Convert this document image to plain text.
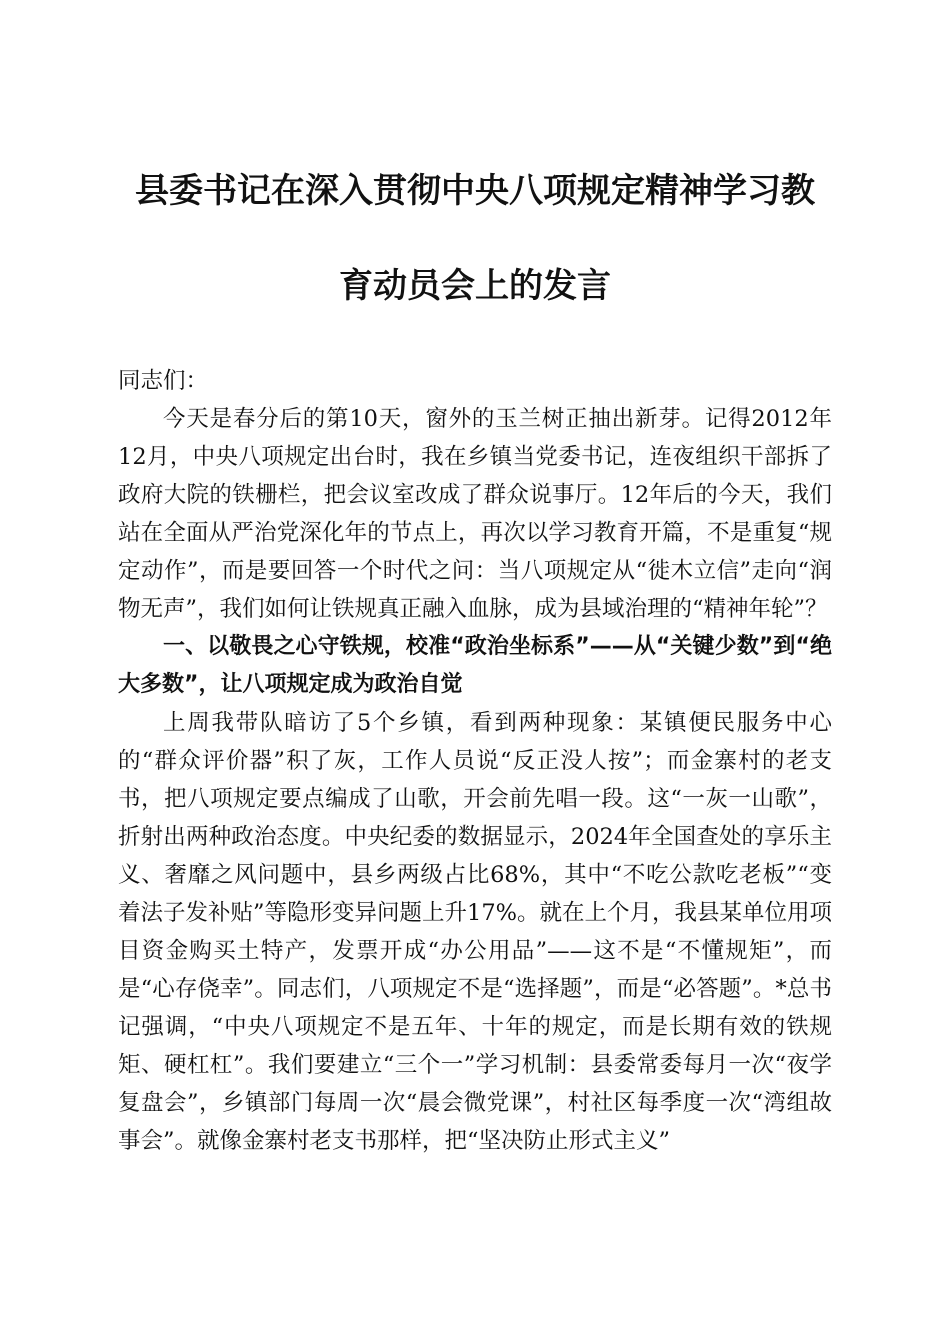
县委书记在深入贯彻中央八项规定精神学习教
育动员会上的发言

同志们：

今天是春分后的第10天，窗外的玉兰树正抽出新芽。记得2012年12月，中央八项规定出台时，我在乡镇当党委书记，连夜组织干部拆了政府大院的铁栅栏，把会议室改成了群众说事厅。12年后的今天，我们站在全面从严治党深化年的节点上，再次以学习教育开篇，不是重复“规定动作”，而是要回答一个时代之问：当八项规定从“徙木立信”走向“润物无声”，我们如何让铁规真正融入血脉，成为县域治理的“精神年轮”？

一、以敬畏之心守铁规，校准“政治坐标系”——从“关键少数”到“绝大多数”，让八项规定成为政治自觉

上周我带队暗访了5个乡镇，看到两种现象：某镇便民服务中心的“群众评价器”积了灰，工作人员说“反正没人按”；而金寨村的老支书，把八项规定要点编成了山歌，开会前先唱一段。这“一灰一山歌”，折射出两种政治态度。中央纪委的数据显示，2024年全国查处的享乐主义、奢靡之风问题中，县乡两级占比68%，其中“不吃公款吃老板”“变着法子发补贴”等隐形变异问题上升17%。就在上个月，我县某单位用项目资金购买土特产，发票开成“办公用品”——这不是“不懂规矩”，而是“心存侥幸”。同志们，八项规定不是“选择题”，而是“必答题”。*总书记强调，“中央八项规定不是五年、十年的规定，而是长期有效的铁规矩、硬杠杠”。我们要建立“三个一”学习机制：县委常委每月一次“夜学复盘会”，乡镇部门每周一次“晨会微党课”，村社区每季度一次“湾组故事会”。就像金寨村老支书那样，把“坚决防止形式主义”
